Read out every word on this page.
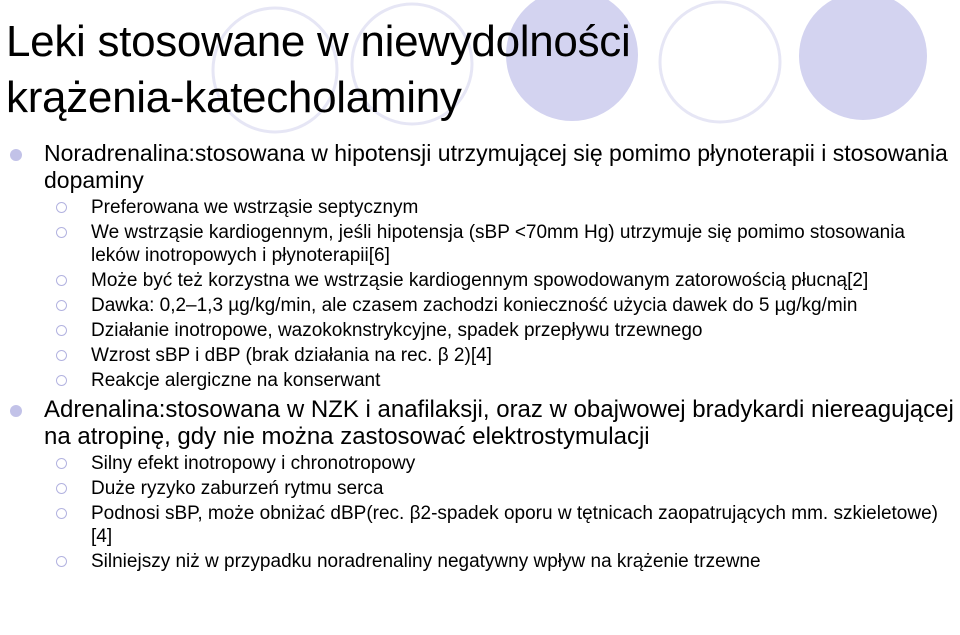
Leki stosowane w niewydolności
krążenia-katecholaminy
Noradrenalina:stosowana w hipotensji utrzymującej się pomimo płynoterapii i stosowania dopaminy
Preferowana we wstrząsie septycznym
We wstrząsie kardiogennym, jeśli hipotensja (sBP <70mm Hg) utrzymuje się pomimo stosowania leków inotropowych i płynoterapii[6]
Może być też korzystna we wstrząsie kardiogennym spowodowanym zatorowością płucną[2]
Dawka: 0,2–1,3 µg/kg/min, ale czasem zachodzi konieczność użycia dawek do 5 µg/kg/min
Działanie inotropowe, wazokoknstrykcyjne, spadek przepływu trzewnego
Wzrost sBP i dBP (brak działania na rec. β 2)[4]
Reakcje alergiczne na konserwant
Adrenalina:stosowana w NZK i anafilaksji, oraz w obajwowej bradykardi niereagującej na atropinę, gdy nie można zastosować elektrostymulacji
Silny efekt inotropowy i chronotropowy
Duże ryzyko zaburzeń rytmu serca
Podnosi sBP, może obniżać dBP(rec. β2-spadek oporu w tętnicach zaopatrujących mm. szkieletowe)[4]
Silniejszy niż w przypadku noradrenaliny negatywny wpływ na krążenie trzewne
